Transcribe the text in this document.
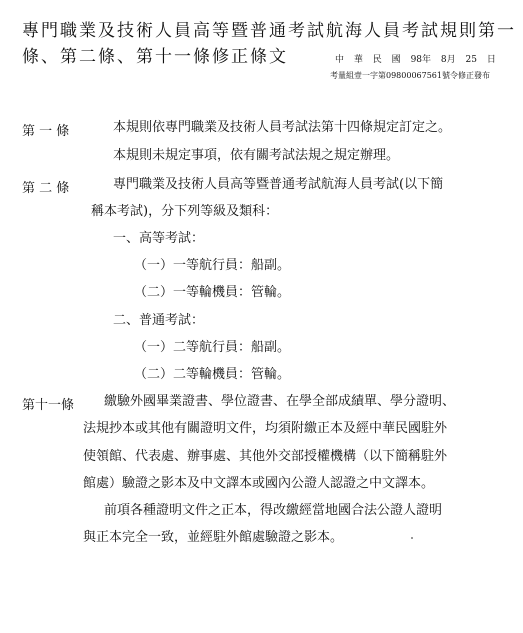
專門職業及技術人員高等暨普通考試航海人員考試規則第一
條、第二條、第十一條修正條文	中 華 民 國 98年 8月 25 日
考量組壹一字第09800067561號令修正發布
第 一 條	本規則依專門職業及技術人員考試法第十四條規定訂定之。
本規則未規定事項，依有關考試法規之規定辦理。
第 二 條	專門職業及技術人員高等暨普通考試航海人員考試(以下簡
稱本考試)，分下列等級及類科：
一、高等考試：
（一）一等航行員：船副。
（二）一等輪機員：管輪。
二、普通考試：
（一）二等航行員：船副。
（二）二等輪機員：管輪。
第十一條 繳驗外國畢業證書、學位證書、在學全部成績單、學分證明、
法規抄本或其他有關證明文件，均須附繳正本及經中華民國駐外
使領館、代表處、辦事處、其他外交部授權機構（以下簡稱駐外
館處）驗證之影本及中文譯本或國內公證人認證之中文譯本。
前項各種證明文件之正本，得改繳經當地國合法公證人證明
與正本完全一致，並經駐外館處驗證之影本。
